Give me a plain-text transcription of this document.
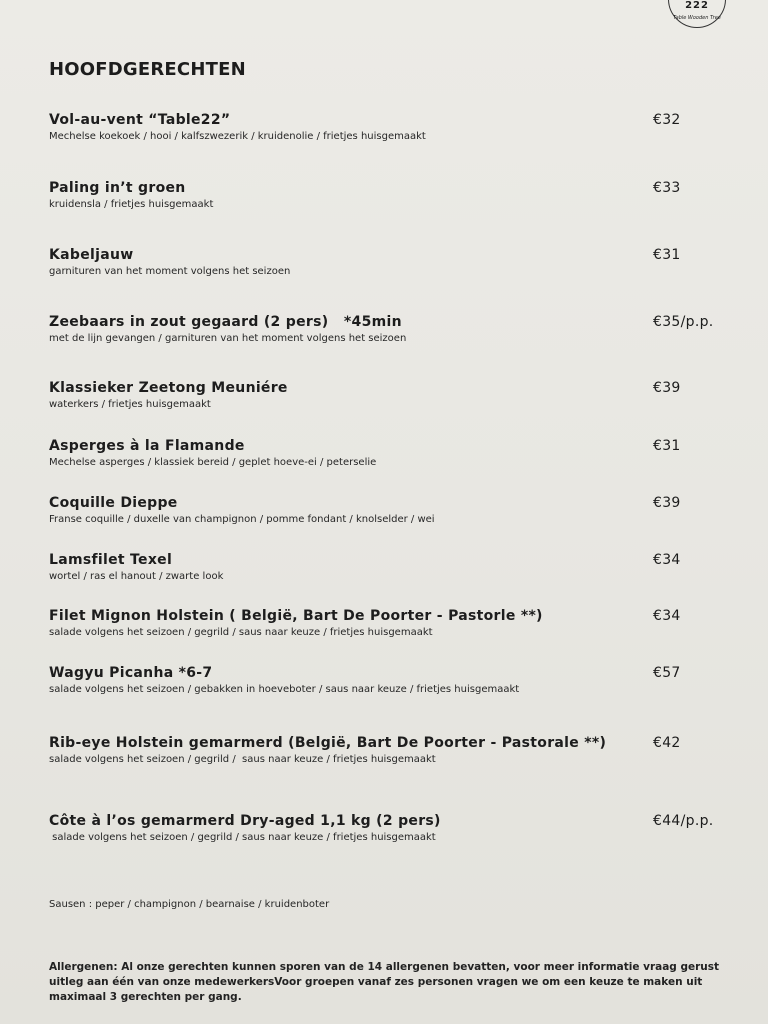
222
Table Wooden Tree
HOOFDGERECHTEN
Vol-au-vent “Table22”
Mechelse koekoek / hooi / kalfszwezerik / kruidenolie / frietjes huisgemaakt
€32
Paling in’t groen
kruidensla / frietjes huisgemaakt
€33
Kabeljauw
garnituren van het moment volgens het seizoen
€31
Zeebaars in zout gegaard (2 pers)   *45min
met de lijn gevangen / garnituren van het moment volgens het seizoen
€35/p.p.
Klassieker Zeetong Meuniére
waterkers / frietjes huisgemaakt
€39
Asperges à la Flamande
Mechelse asperges / klassiek bereid / geplet hoeve-ei / peterselie
€31
Coquille Dieppe
Franse coquille / duxelle van champignon / pomme fondant / knolselder / wei
€39
Lamsfilet Texel
wortel / ras el hanout / zwarte look
€34
Filet Mignon Holstein ( België, Bart De Poorter - Pastorle **)
salade volgens het seizoen / gegrild / saus naar keuze / frietjes huisgemaakt
€34
Wagyu Picanha *6-7
salade volgens het seizoen / gebakken in hoeveboter / saus naar keuze / frietjes huisgemaakt
€57
Rib-eye Holstein gemarmerd (België, Bart De Poorter - Pastorale **)
salade volgens het seizoen / gegrild /  saus naar keuze / frietjes huisgemaakt
€42
Côte à l’os gemarmerd Dry-aged 1,1 kg (2 pers)
salade volgens het seizoen / gegrild / saus naar keuze / frietjes huisgemaakt
€44/p.p.
Sausen : peper / champignon / bearnaise / kruidenboter
Allergenen: Al onze gerechten kunnen sporen van de 14 allergenen bevatten, voor meer informatie vraag gerust
uitleg aan één van onze medewerkersVoor groepen vanaf zes personen vragen we om een keuze te maken uit
maximaal 3 gerechten per gang.
